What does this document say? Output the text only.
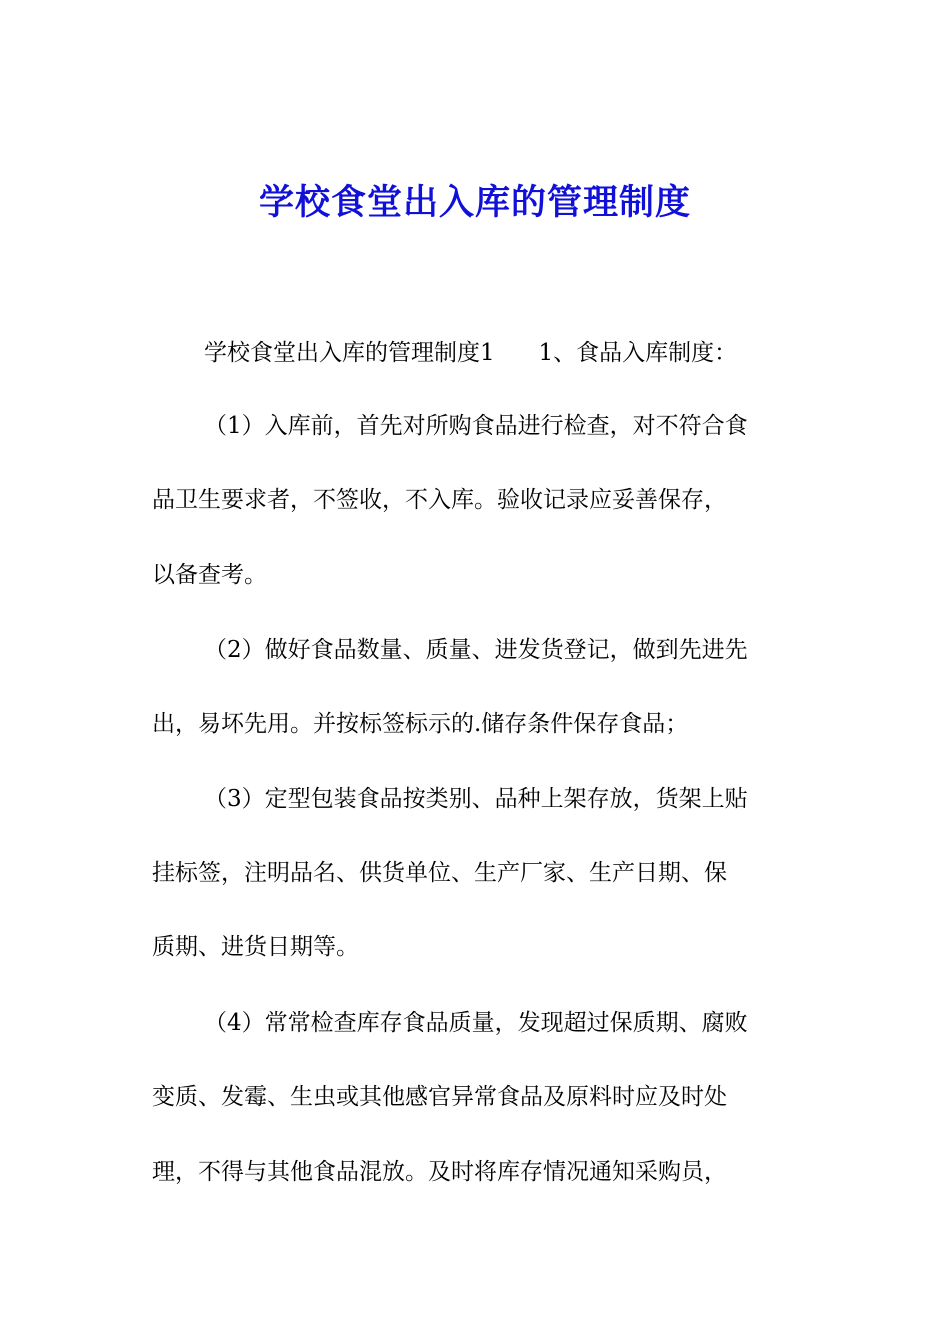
学校食堂出入库的管理制度

学校食堂出入库的管理制度1      1、食品入库制度：

（1）入库前，首先对所购食品进行检查，对不符合食

品卫生要求者，不签收，不入库。验收记录应妥善保存，

以备查考。

（2）做好食品数量、质量、进发货登记，做到先进先

出，易坏先用。并按标签标示的.储存条件保存食品；

（3）定型包装食品按类别、品种上架存放，货架上贴

挂标签，注明品名、供货单位、生产厂家、生产日期、保

质期、进货日期等。

（4）常常检查库存食品质量，发现超过保质期、腐败

变质、发霉、生虫或其他感官异常食品及原料时应及时处

理，不得与其他食品混放。及时将库存情况通知采购员，
